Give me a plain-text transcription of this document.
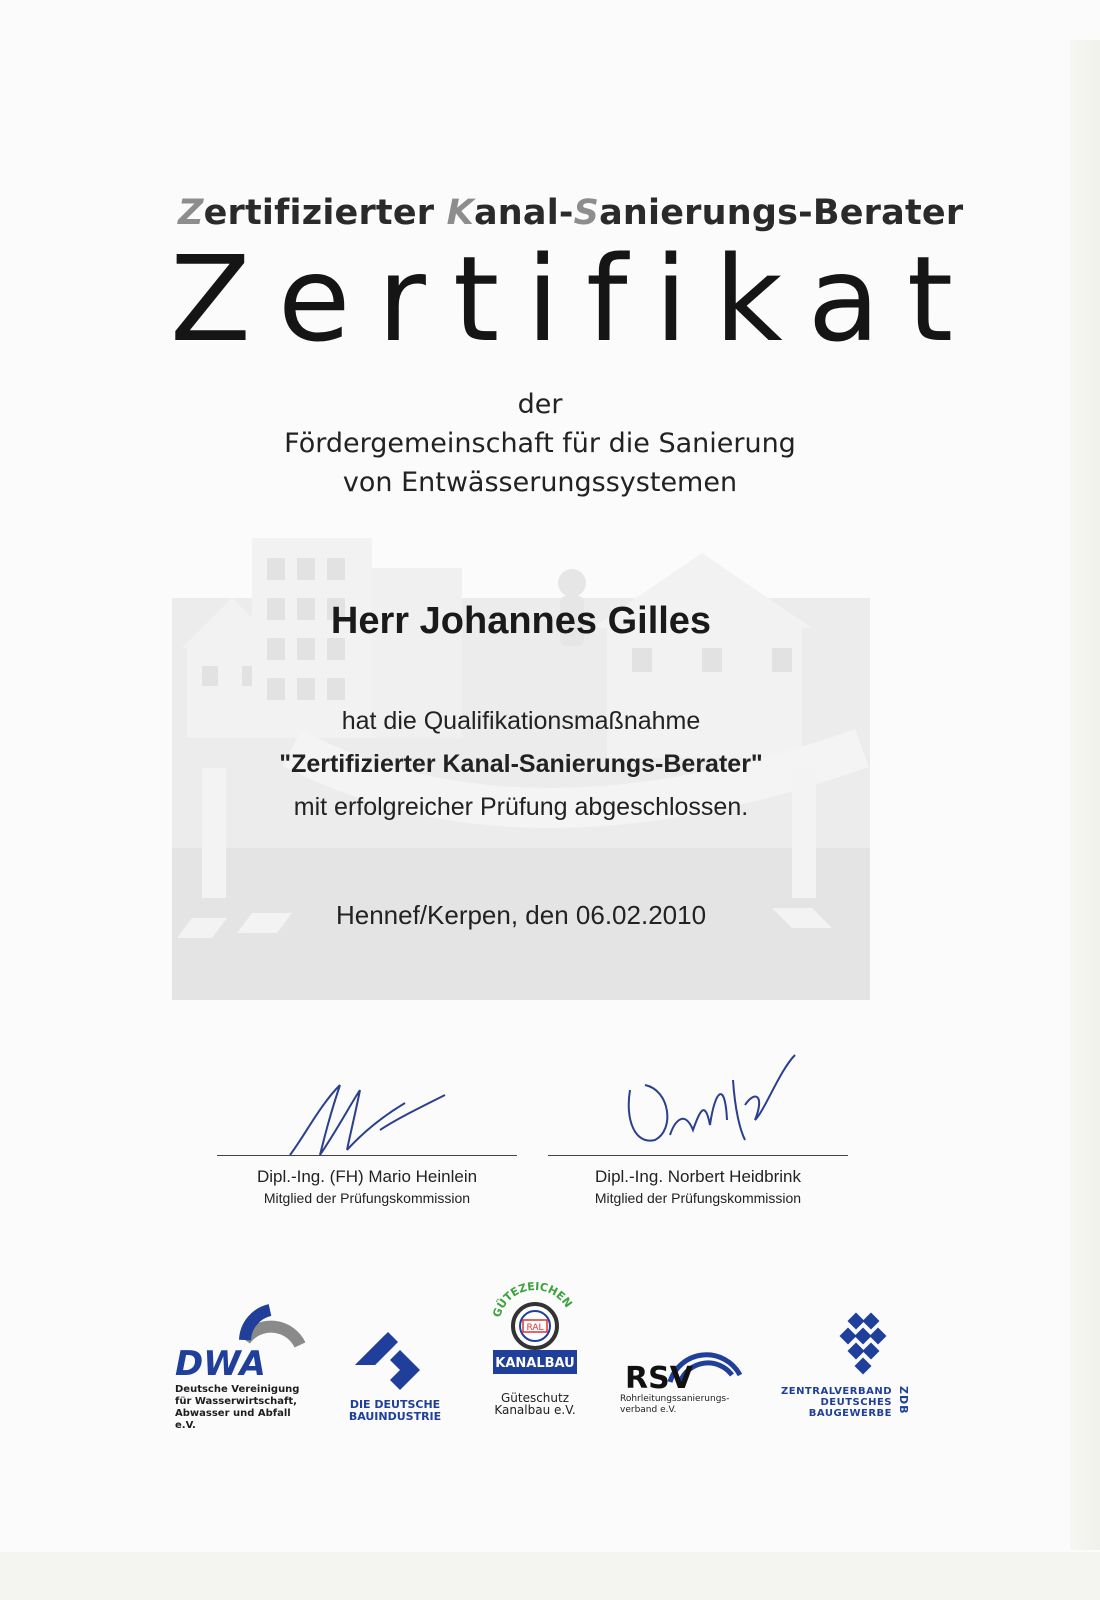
Zertifizierter Kanal-Sanierungs-Berater
Zertifikat
der
Fördergemeinschaft für die Sanierung
von Entwässerungssystemen
Herr Johannes Gilles
hat die Qualifikationsmaßnahme
"Zertifizierter Kanal-Sanierungs-Berater"
mit erfolgreicher Prüfung abgeschlossen.
Hennef/Kerpen, den 06.02.2010
Dipl.-Ing. (FH) Mario Heinlein
Mitglied der Prüfungskommission
Dipl.-Ing. Norbert Heidbrink
Mitglied der Prüfungskommission
DWA
Deutsche Vereinigung
für Wasserwirtschaft,
Abwasser und Abfall e.V.
DIE DEUTSCHE
BAUINDUSTRIE
GÜTEZEICHEN
RAL
KANALBAU
Güteschutz
Kanalbau e.V.
RSV
Rohrleitungssanierungs-
verband e.V.
ZENTRALVERBAND
DEUTSCHES
BAUGEWERBE ZDB
